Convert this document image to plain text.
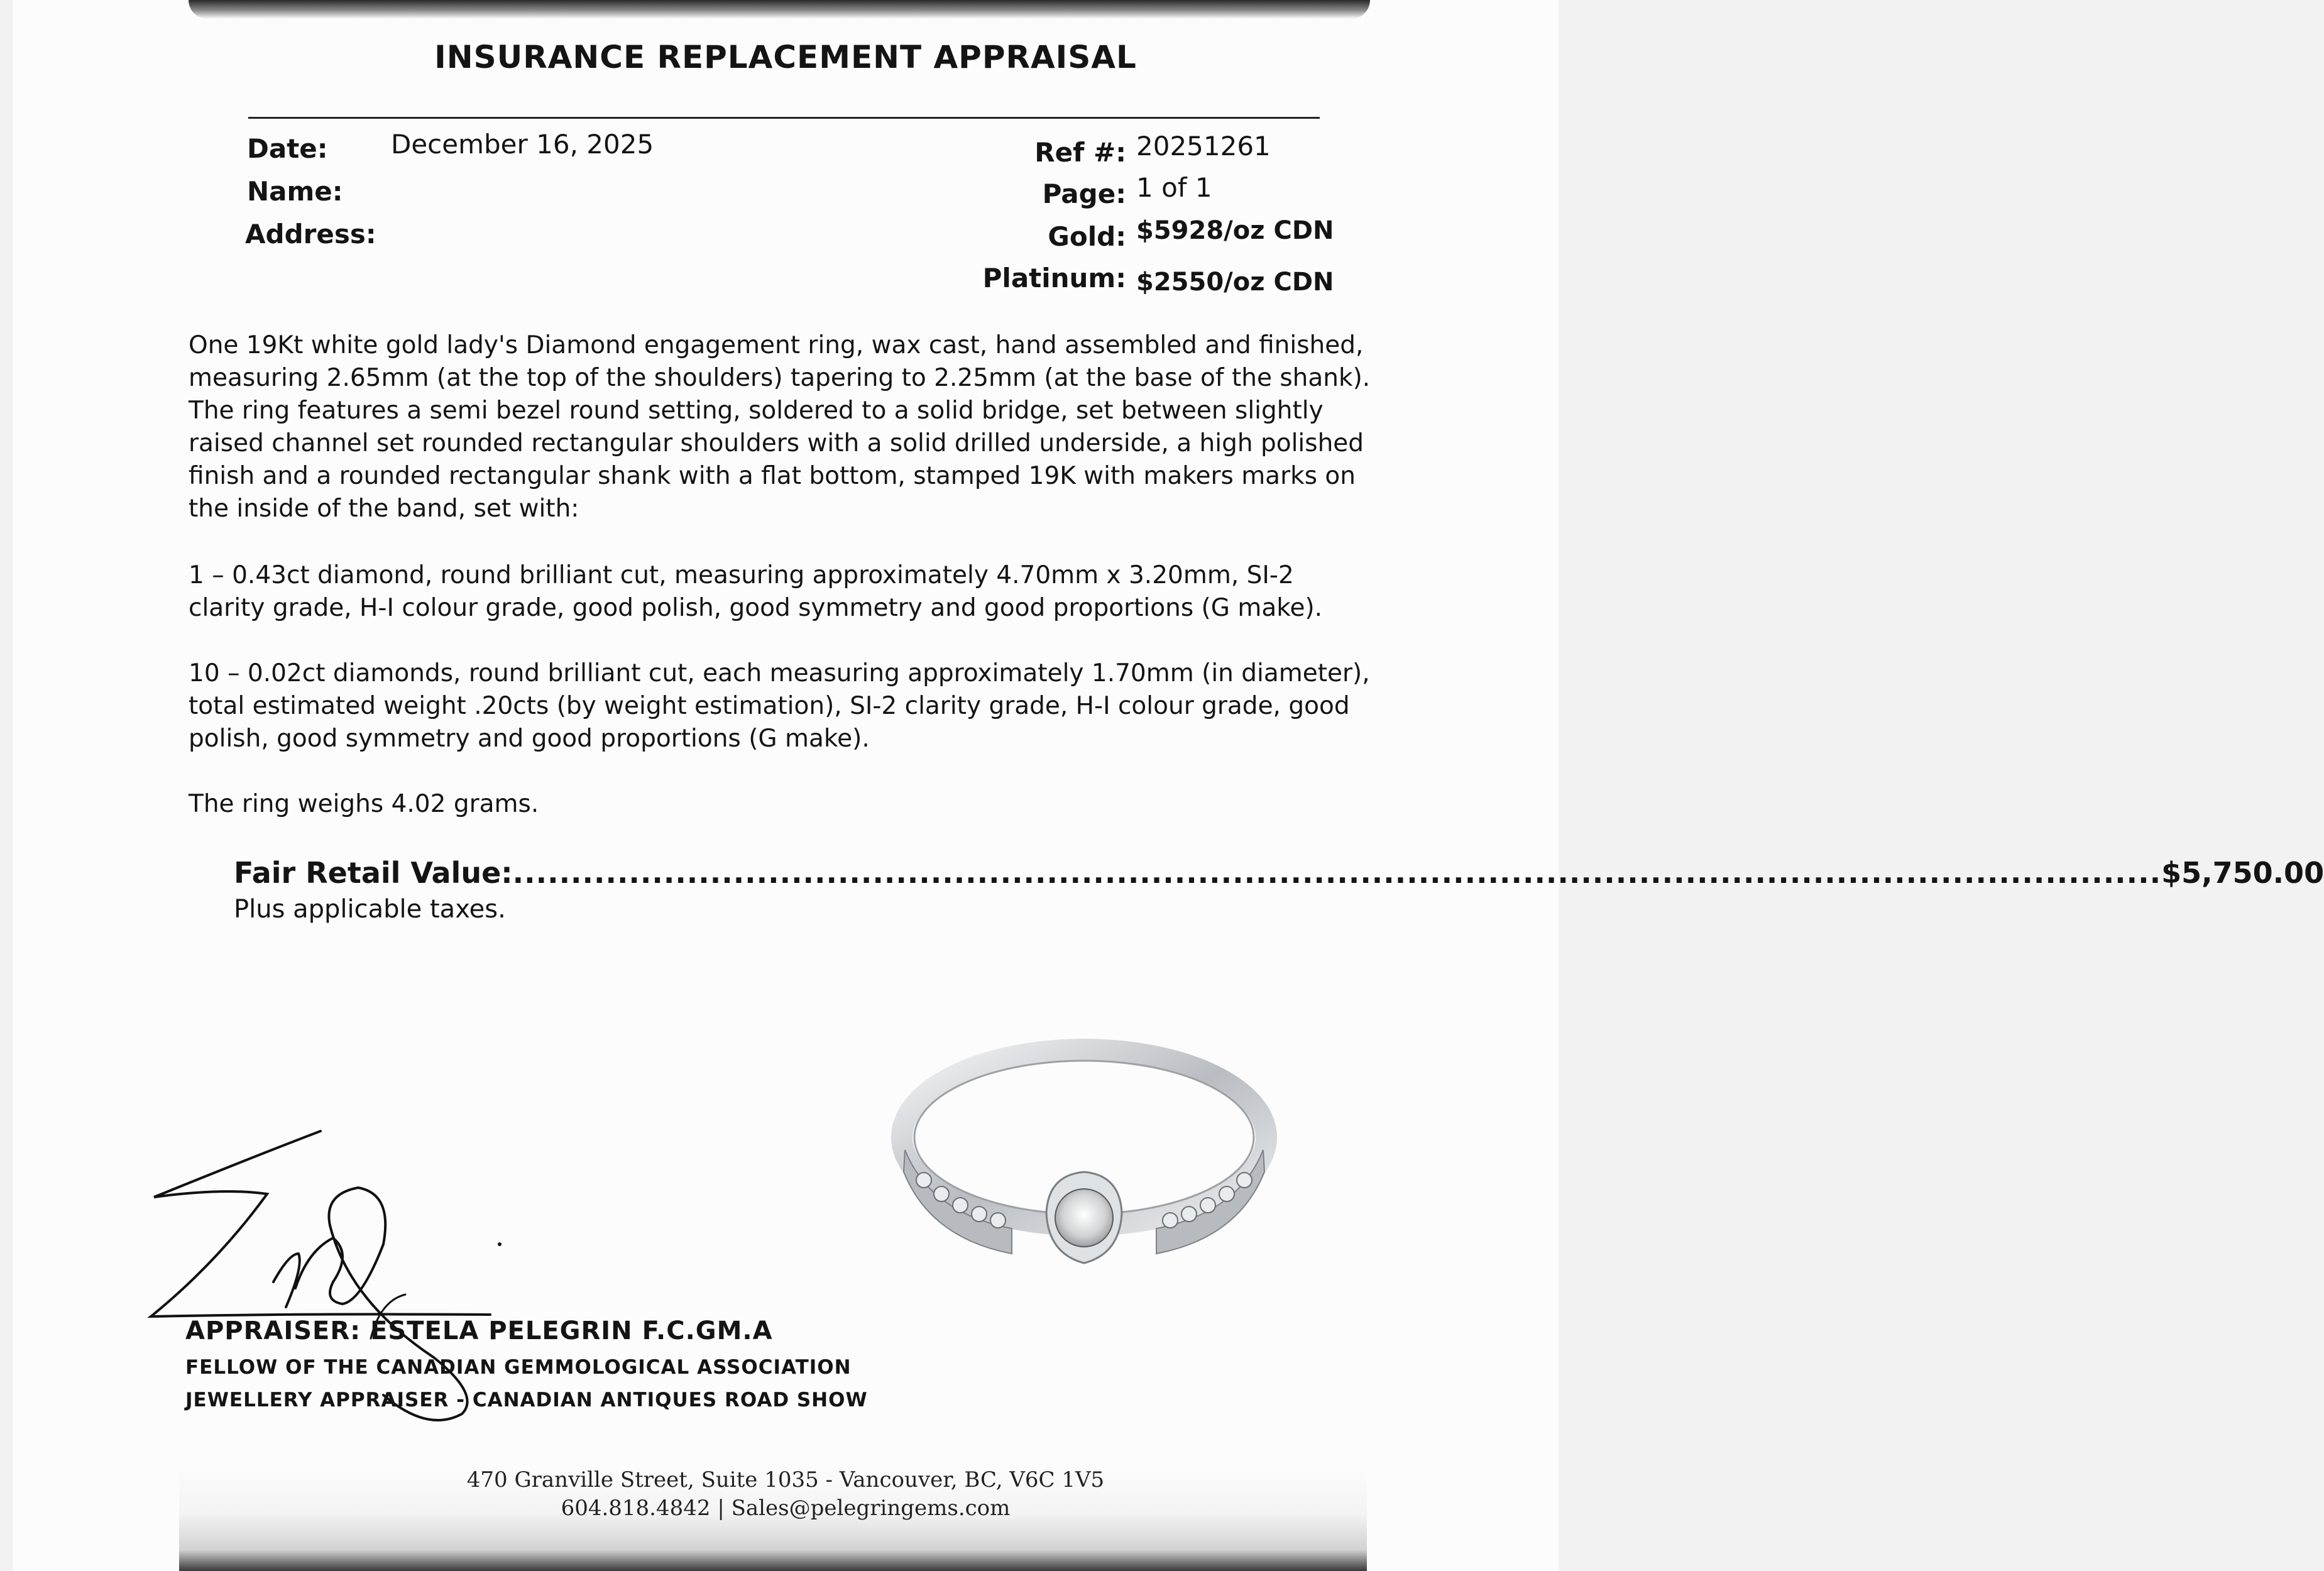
INSURANCE REPLACEMENT APPRAISAL
Date: December 16, 2025
Name:
Address:
Ref #: 20251261
Page: 1 of 1
Gold: $5928/oz CDN
Platinum: $2550/oz CDN
One 19Kt white gold lady's Diamond engagement ring, wax cast, hand assembled and finished, measuring 2.65mm (at the top of the shoulders) tapering to 2.25mm (at the base of the shank). The ring features a semi bezel round setting, soldered to a solid bridge, set between slightly raised channel set rounded rectangular shoulders with a solid drilled underside, a high polished finish and a rounded rectangular shank with a flat bottom, stamped 19K with makers marks on the inside of the band, set with:
1 – 0.43ct diamond, round brilliant cut, measuring approximately 4.70mm x 3.20mm, SI-2 clarity grade, H-I colour grade, good polish, good symmetry and good proportions (G make).
10 – 0.02ct diamonds, round brilliant cut, each measuring approximately 1.70mm (in diameter), total estimated weight .20cts (by weight estimation), SI-2 clarity grade, H-I colour grade, good polish, good symmetry and good proportions (G make).
The ring weighs 4.02 grams.
Fair Retail Value: .............................................................................................................................................. $5,750.00
Plus applicable taxes.
APPRAISER: ESTELA PELEGRIN F.C.GM.A
FELLOW OF THE CANADIAN GEMMOLOGICAL ASSOCIATION
JEWELLERY APPRAISER - CANADIAN ANTIQUES ROAD SHOW
470 Granville Street, Suite 1035 - Vancouver, BC, V6C 1V5
604.818.4842 | Sales@pelegringems.com
